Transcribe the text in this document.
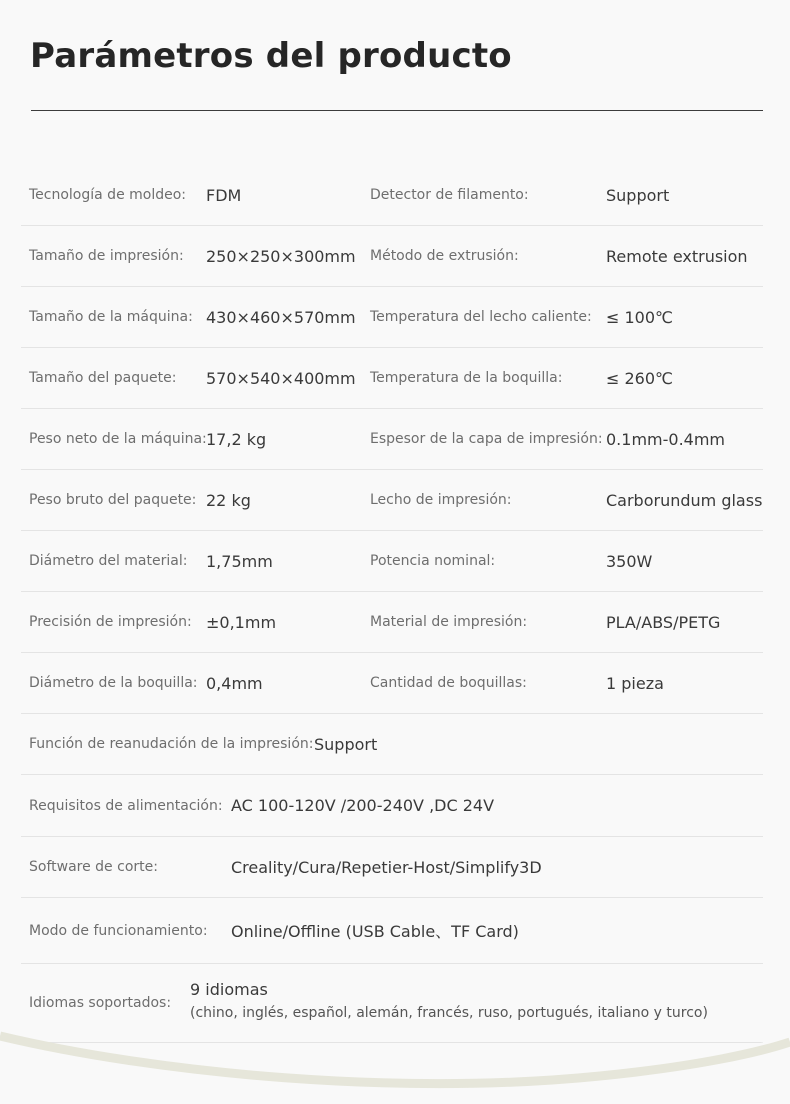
Parámetros del producto
Tecnología de moldeo: FDM	Detector de filamento:	Support
Tamaño de impresión: 250×250×300mm Método de extrusión:	Remote extrusion
Tamaño de la máquina: 430×460×570mm Temperatura del lecho caliente: ≤ 100℃
Tamaño del paquete: 570×540×400mm Temperatura de la boquilla:	≤ 260℃
Peso neto de la máquina: 17,2 kg	Espesor de la capa de impresión: 0.1mm-0.4mm
Peso bruto del paquete: 22 kg	Lecho de impresión:	Carborundum glass
Diámetro del material: 1,75mm	Potencia nominal:	350W
Precisión de impresión: ±0,1mm	Material de impresión:	PLA/ABS/PETG
Diámetro de la boquilla: 0,4mm	Cantidad de boquillas:	1 pieza
Función de reanudación de la impresión: Support
Requisitos de alimentación: AC 100-120V /200-240V ,DC 24V
Software de corte:	Creality/Cura/Repetier-Host/Simplify3D
Modo de funcionamiento: Online/Offline (USB Cable、TF Card)
Idiomas soportados:
9 idiomas
(chino, inglés, español, alemán, francés, ruso, portugués, italiano y turco)
